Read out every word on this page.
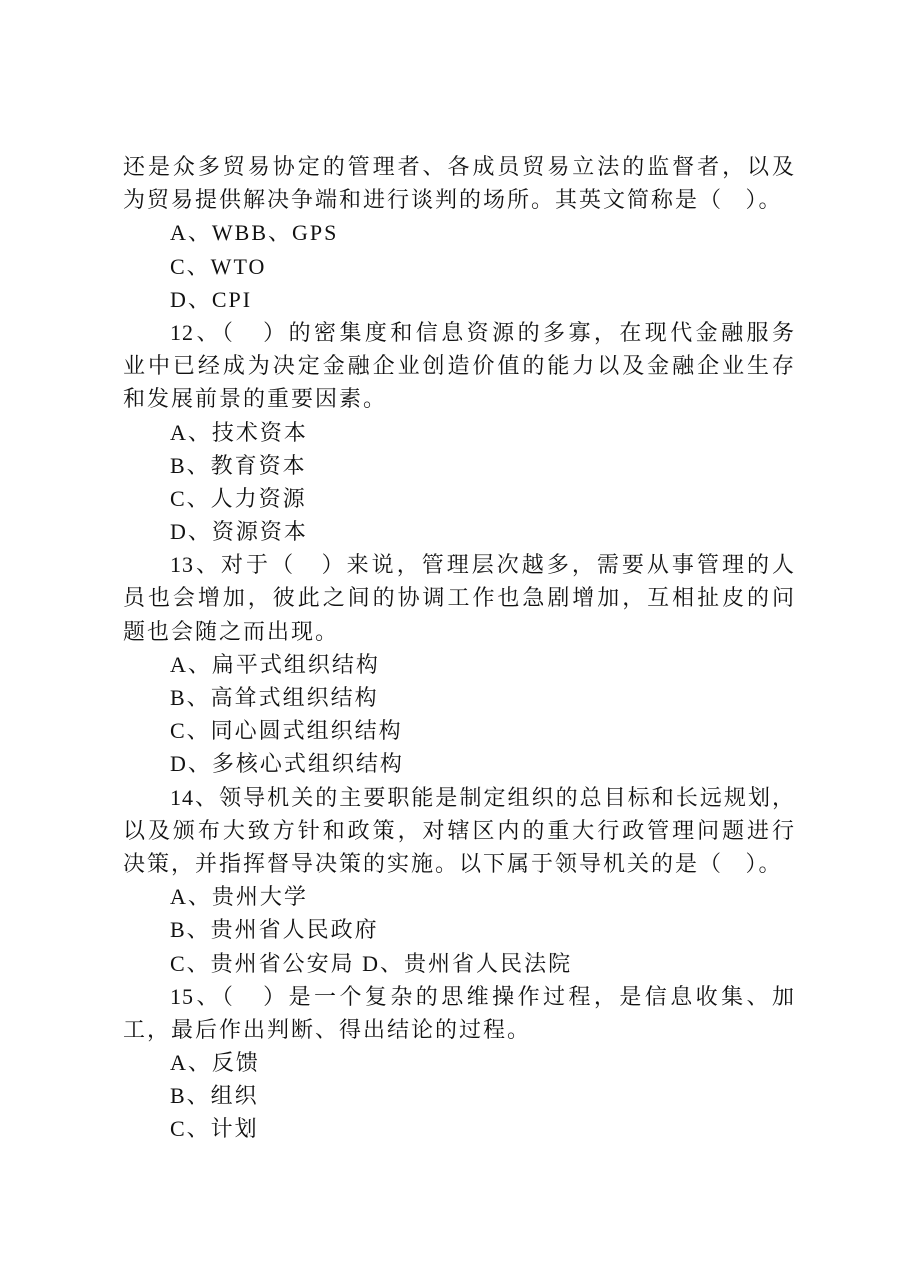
还是众多贸易协定的管理者、各成员贸易立法的监督者，以及
为贸易提供解决争端和进行谈判的场所。其英文简称是（   ）。
A、WBB、GPS
C、WTO
D、CPI
12、（   ）的密集度和信息资源的多寡，在现代金融服务
业中已经成为决定金融企业创造价值的能力以及金融企业生存
和发展前景的重要因素。
A、技术资本
B、教育资本
C、人力资源
D、资源资本
13、对于（   ）来说，管理层次越多，需要从事管理的人
员也会增加，彼此之间的协调工作也急剧增加，互相扯皮的问
题也会随之而出现。
A、扁平式组织结构
B、高耸式组织结构
C、同心圆式组织结构
D、多核心式组织结构
14、领导机关的主要职能是制定组织的总目标和长远规划，
以及颁布大致方针和政策，对辖区内的重大行政管理问题进行
决策，并指挥督导决策的实施。以下属于领导机关的是（   ）。
A、贵州大学
B、贵州省人民政府
C、贵州省公安局 D、贵州省人民法院
15、（   ）是一个复杂的思维操作过程，是信息收集、加
工，最后作出判断、得出结论的过程。
A、反馈
B、组织
C、计划
